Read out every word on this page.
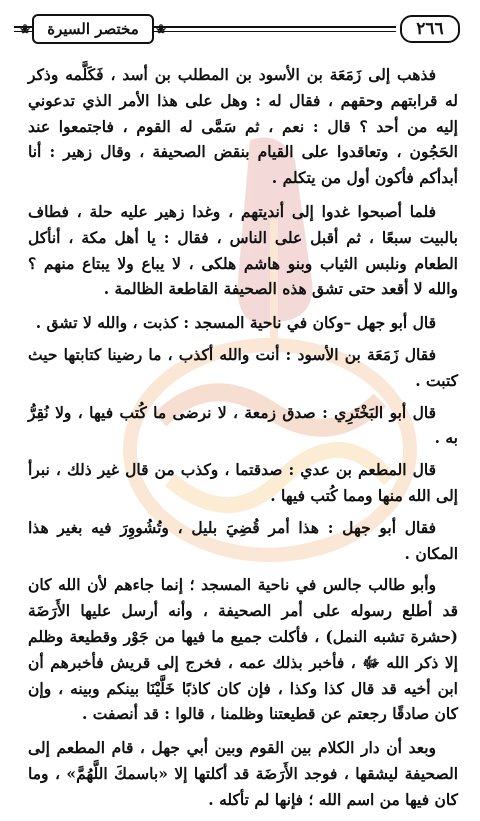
❀ مختصر السيرة ❀	٢٦٦

فذهب إلى زَمَعَة بن الأسود بن المطلب بن أسد ، فَكَلَّمه وذكر له قرابتهم وحقهم ، فقال له : وهل على هذا الأمر الذي تدعوني إليه من أحد ؟ قال : نعم ، ثم سَمَّى له القوم ، فاجتمعوا عند الحَجُون ، وتعاقدوا على القيام بنقض الصحيفة ، وقال زهير : أنا أبدأكم فأكون أول من يتكلم .

فلما أصبحوا غدوا إلى أنديتهم ، وغدا زهير عليه حلة ، فطاف بالبيت سبعًا ، ثم أقبل على الناس ، فقال : يا أهل مكة ، أنأكل الطعام ونلبس الثياب وبنو هاشم هلكى ، لا يباع ولا يبتاع منهم ؟ والله لا أقعد حتى تشق هذه الصحيفة القاطعة الظالمة .

قال أبو جهل –وكان في ناحية المسجد : كذبت ، والله لا تشق .

فقال زَمَعَة بن الأسود : أنت والله أكذب ، ما رضينا كتابتها حيث كتبت .

قال أبو البَخْتَرِي : صدق زمعة ، لا نرضى ما كُتب فيها ، ولا نُقِرُّ به .

قال المطعم بن عدي : صدقتما ، وكذب من قال غير ذلك ، نبرأ إلى الله منها ومما كُتب فيها .

فقال أبو جهل : هذا أمر قُضِيَ بليل ، وتُشُووِرَ فيه بغير هذا المكان .

وأبو طالب جالس في ناحية المسجد ؛ إنما جاءهم لأن الله كان قد أطلع رسوله على أمر الصحيفة ، وأنه أرسل عليها الأَرَضَة (حشرة تشبه النمل) ، فأكلت جميع ما فيها من جَوْر وقطيعة وظلم إلا ذكر الله ﷻ ، فأخبر بذلك عمه ، فخرج إلى قريش فأخبرهم أن ابن أخيه قد قال كذا وكذا ، فإن كان كاذبًا خَلَّيْنَا بينكم وبينه ، وإن كان صادقًا رجعتم عن قطيعتنا وظلمنا ، قالوا : قد أنصفت .

وبعد أن دار الكلام بين القوم وبين أبي جهل ، قام المطعم إلى الصحيفة ليشقها ، فوجد الأَرَضَة قد أكلتها إلا «باسمكَ اللَّهُمَّ» ، وما كان فيها من اسم الله ؛ فإنها لم تأكله .
